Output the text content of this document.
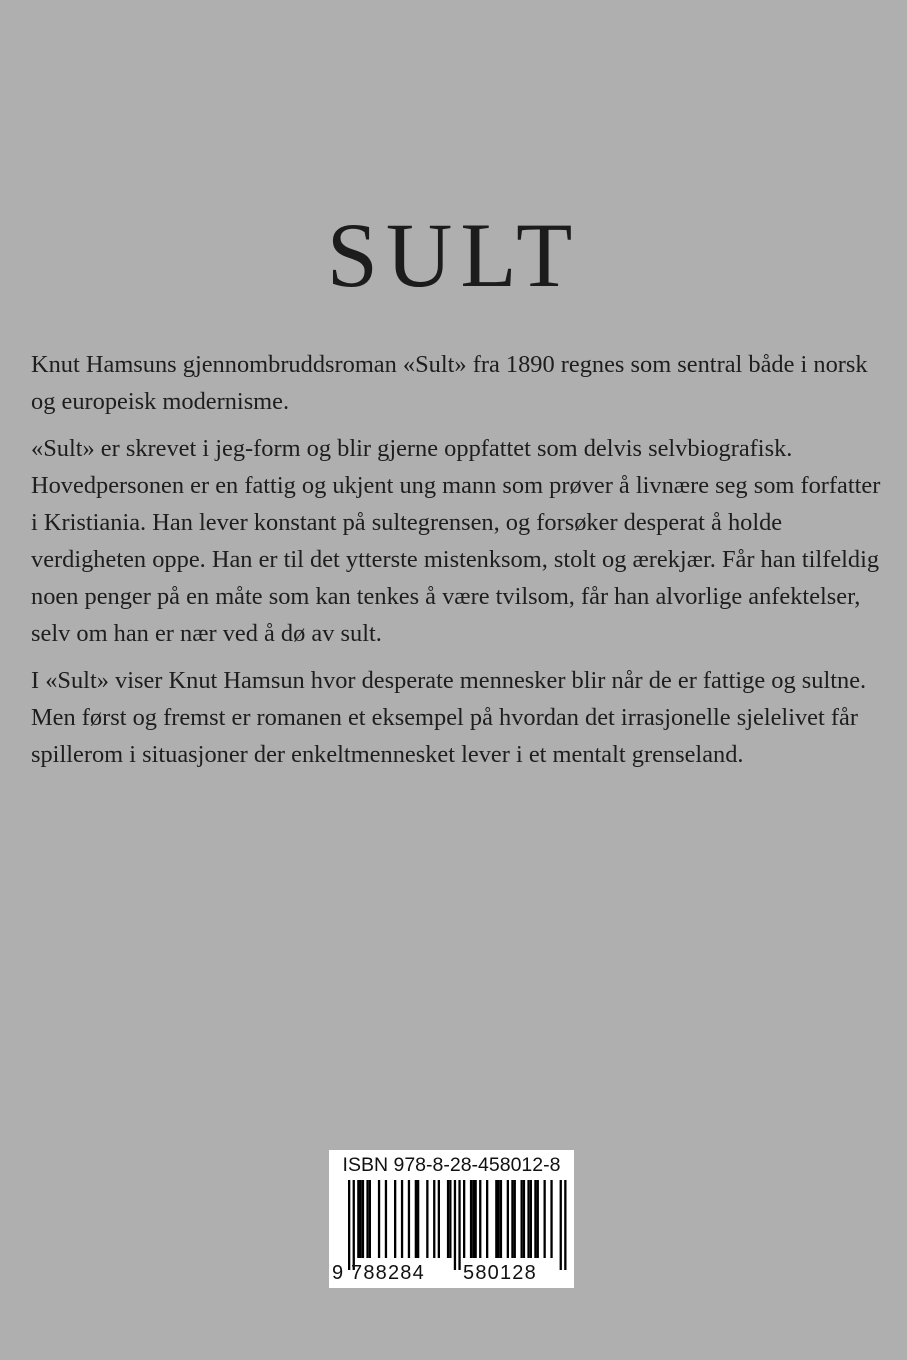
SULT

Knut Hamsuns gjennombruddsroman «Sult» fra 1890 regnes som sentral både i norsk og europeisk modernisme.

«Sult» er skrevet i jeg-form og blir gjerne oppfattet som delvis selvbiografisk. Hovedpersonen er en fattig og ukjent ung mann som prøver å livnære seg som forfatter i Kristiania. Han lever konstant på sultegrensen, og forsøker desperat å holde verdigheten oppe. Han er til det ytterste mistenksom, stolt og ærekjær. Får han tilfeldig noen penger på en måte som kan tenkes å være tvilsom, får han alvorlige anfektelser, selv om han er nær ved å dø av sult.

I «Sult» viser Knut Hamsun hvor desperate mennesker blir når de er fattige og sultne. Men først og fremst er romanen et eksempel på hvordan det irrasjonelle sjelelivet får spillerom i situasjoner der enkeltmennesket lever i et mentalt grenseland.

ISBN 978-8-28-458012-8
9 788284 580128
